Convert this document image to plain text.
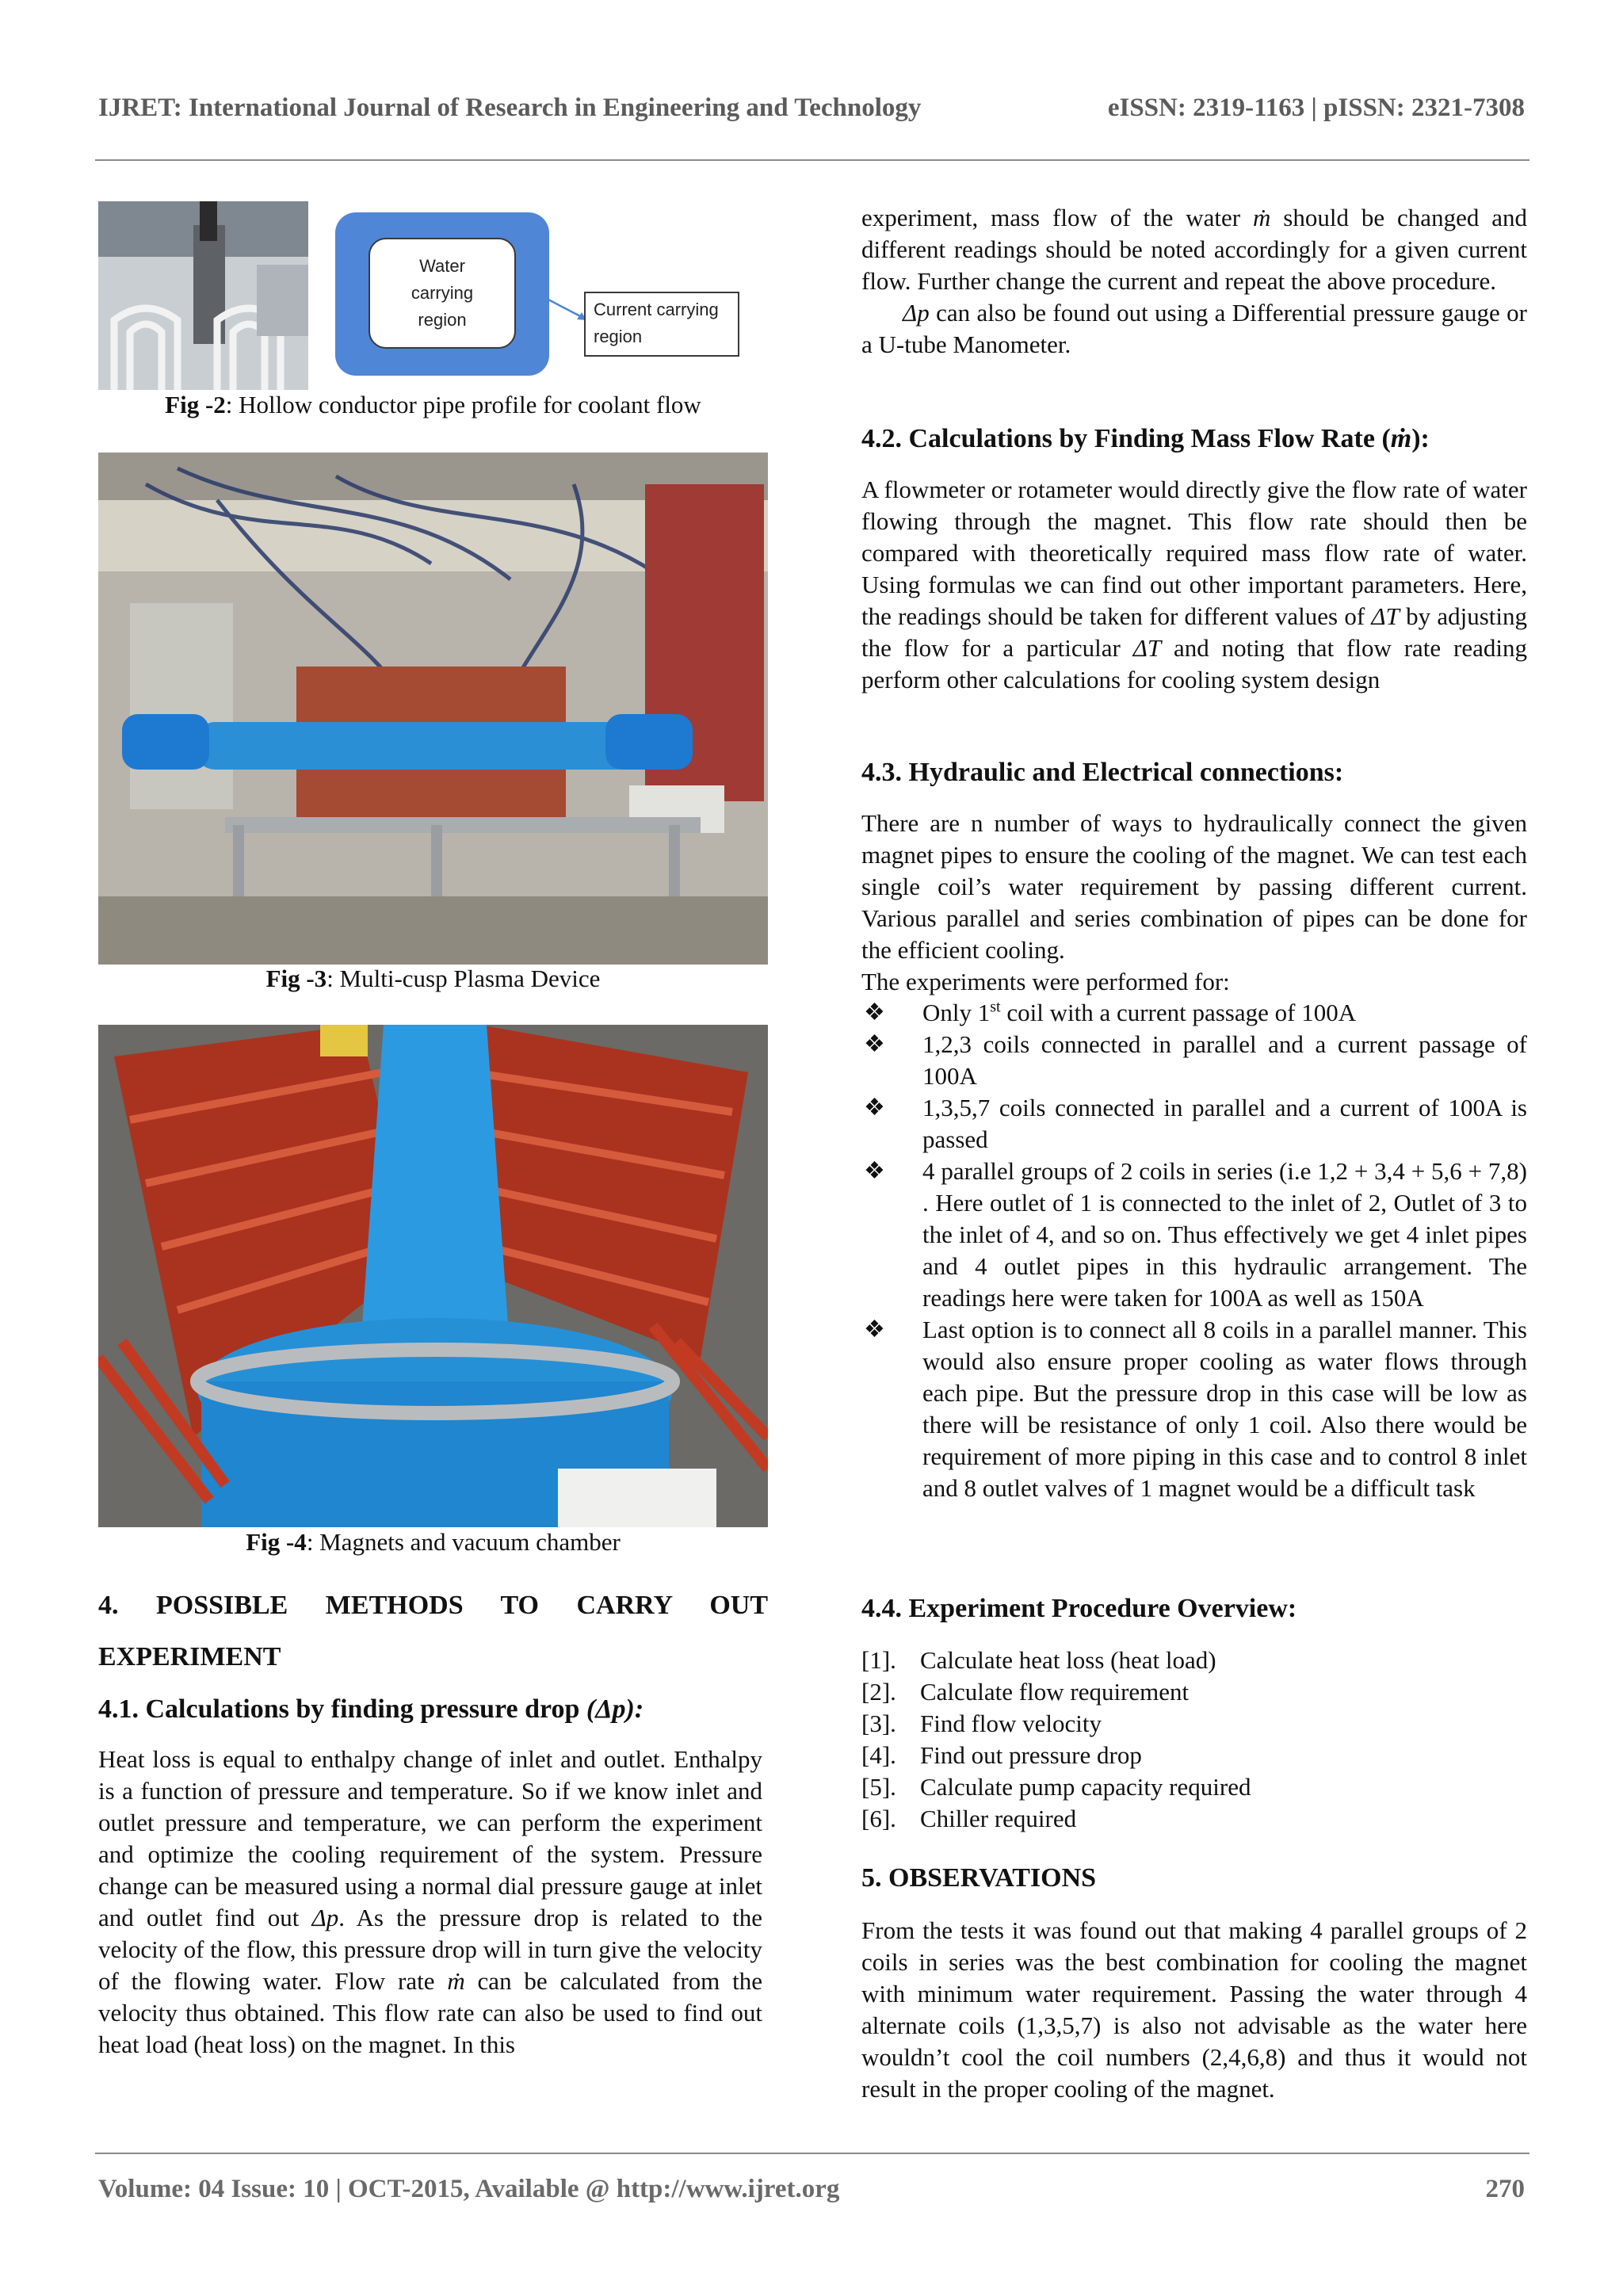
IJRET: International Journal of Research in Engineering and Technology	eISSN: 2319-1163 | pISSN: 2321-7308
Water carrying region
Current carrying region
Fig -2: Hollow conductor pipe profile for coolant flow
Fig -3: Multi-cusp Plasma Device
Fig -4: Magnets and vacuum chamber
4. POSSIBLE METHODS TO CARRY OUT
EXPERIMENT
4.1. Calculations by finding pressure drop (Δp):

Heat loss is equal to enthalpy change of inlet and outlet. Enthalpy is a function of pressure and temperature. So if we know inlet and outlet pressure and temperature, we can perform the experiment and optimize the cooling requirement of the system. Pressure change can be measured using a normal dial pressure gauge at inlet and outlet find out Δp. As the pressure drop is related to the velocity of the flow, this pressure drop will in turn give the velocity of the flowing water. Flow rate ṁ can be calculated from the velocity thus obtained. This flow rate can also be used to find out heat load (heat loss) on the magnet. In this

experiment, mass flow of the water ṁ should be changed and different readings should be noted accordingly for a given current flow. Further change the current and repeat the above procedure.

Δp can also be found out using a Differential pressure gauge or a U-tube Manometer.

4.2. Calculations by Finding Mass Flow Rate (ṁ):

A flowmeter or rotameter would directly give the flow rate of water flowing through the magnet. This flow rate should then be compared with theoretically required mass flow rate of water. Using formulas we can find out other important parameters. Here, the readings should be taken for different values of ΔT by adjusting the flow for a particular ΔT and noting that flow rate reading perform other calculations for cooling system design

4.3. Hydraulic and Electrical connections:

There are n number of ways to hydraulically connect the given magnet pipes to ensure the cooling of the magnet. We can test each single coil’s water requirement by passing different current. Various parallel and series combination of pipes can be done for the efficient cooling.

The experiments were performed for:

❖ Only 1st coil with a current passage of 100A
❖ 1,2,3 coils connected in parallel and a current passage of 100A
❖ 1,3,5,7 coils connected in parallel and a current of 100A is passed
❖ 4 parallel groups of 2 coils in series (i.e 1,2 + 3,4 + 5,6 + 7,8) . Here outlet of 1 is connected to the inlet of 2, Outlet of 3 to the inlet of 4, and so on. Thus effectively we get 4 inlet pipes and 4 outlet pipes in this hydraulic arrangement. The readings here were taken for 100A as well as 150A
❖ Last option is to connect all 8 coils in a parallel manner. This would also ensure proper cooling as water flows through each pipe. But the pressure drop in this case will be low as there will be resistance of only 1 coil. Also there would be requirement of more piping in this case and to control 8 inlet and 8 outlet valves of 1 magnet would be a difficult task
4.4. Experiment Procedure Overview:
[1]. Calculate heat loss (heat load)
[2]. Calculate flow requirement
[3]. Find flow velocity
[4]. Find out pressure drop
[5]. Calculate pump capacity required
[6]. Chiller required
5. OBSERVATIONS

From the tests it was found out that making 4 parallel groups of 2 coils in series was the best combination for cooling the magnet with minimum water requirement. Passing the water through 4 alternate coils (1,3,5,7) is also not advisable as the water here wouldn’t cool the coil numbers (2,4,6,8) and thus it would not result in the proper cooling of the magnet.

Volume: 04 Issue: 10 | OCT-2015, Available @ http://www.ijret.org	270
